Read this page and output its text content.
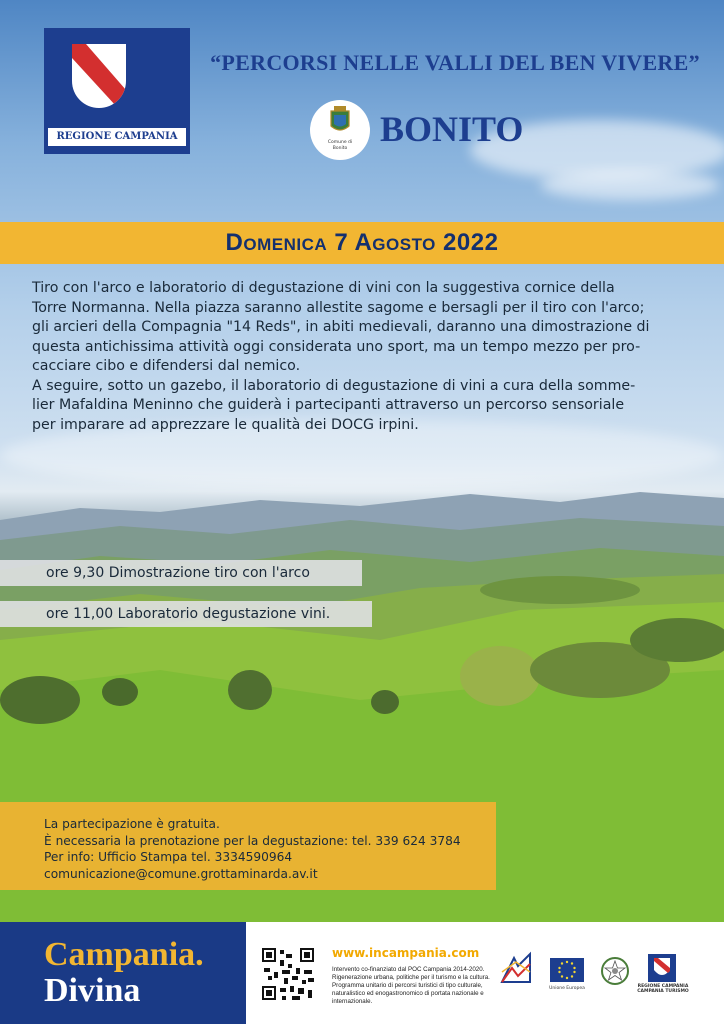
REGIONE CAMPANIA
“PERCORSI NELLE VALLI DEL BEN VIVERE”
Comune di
Bonito BONITO
Domenica 7 Agosto 2022

Tiro con l'arco e laboratorio di degustazione di vini con la suggestiva cornice della

Torre Normanna. Nella piazza saranno allestite sagome e bersagli per il tiro con l'arco;

gli arcieri della Compagnia "14 Reds", in abiti medievali, daranno una dimostrazione di

questa antichissima attività oggi considerata uno sport, ma un tempo mezzo per pro-

cacciare cibo e difendersi dal nemico.

A seguire, sotto un gazebo, il laboratorio di degustazione di vini a cura della somme-

lier Mafaldina Meninno che guiderà i partecipanti attraverso un percorso sensoriale

per imparare ad apprezzare le qualità dei DOCG irpini.

ore 9,30 Dimostrazione tiro con l'arco
ore 11,00 Laboratorio degustazione vini.
La partecipazione è gratuita.
È necessaria la prenotazione per la degustazione: tel. 339 624 3784
Per info: Ufficio Stampa tel. 3334590964
comunicazione@comune.grottaminarda.av.it
Campania.
Divina
www.incampania.com
Intervento co-finanziato dal POC Campania 2014-2020. Rigenerazione urbana, politiche per il turismo e la cultura. Programma unitario di percorsi turistici di tipo culturale, naturalistico ed enogastronomico di portata nazionale e internazionale.
Unione Europea	REGIONE CAMPANIA
CAMPANIA TURISMO
